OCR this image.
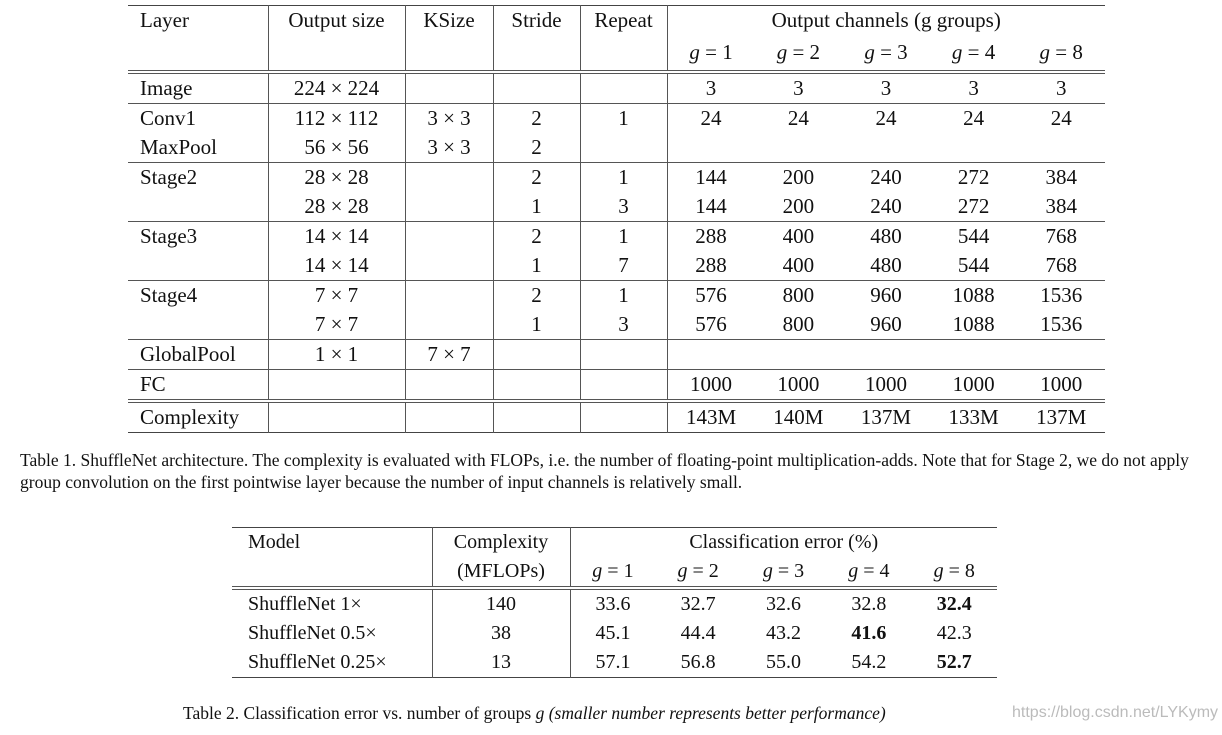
Layer	Output size	KSize	Stride	Repeat	Output channels (g groups)				
					g = 1	g = 2	g = 3	g = 4	g = 8
Image	224 × 224				3	3	3	3	3
Conv1	112 × 112	3 × 3	2	1	24	24	24	24	24
MaxPool	56 × 56	3 × 3	2						
Stage2	28 × 28		2	1	144	200	240	272	384
	28 × 28		1	3	144	200	240	272	384
Stage3	14 × 14		2	1	288	400	480	544	768
	14 × 14		1	7	288	400	480	544	768
Stage4	7 × 7		2	1	576	800	960	1088	1536
	7 × 7		1	3	576	800	960	1088	1536
GlobalPool	1 × 1	7 × 7							
FC					1000	1000	1000	1000	1000
Complexity					143M	140M	137M	133M	137M
Table 1. ShuffleNet architecture. The complexity is evaluated with FLOPs, i.e. the number of floating-point multiplication-adds. Note that for Stage 2, we do not apply group convolution on the first pointwise layer because the number of input channels is relatively small.
Model	Complexity	Classification error (%)				
	(MFLOPs)	g = 1	g = 2	g = 3	g = 4	g = 8
ShuffleNet 1×	140	33.6	32.7	32.6	32.8	32.4
ShuffleNet 0.5×	38	45.1	44.4	43.2	41.6	42.3
ShuffleNet 0.25×	13	57.1	56.8	55.0	54.2	52.7
Table 2. Classification error vs. number of groups g (smaller number represents better performance)	https://blog.csdn.net/LYKymy
